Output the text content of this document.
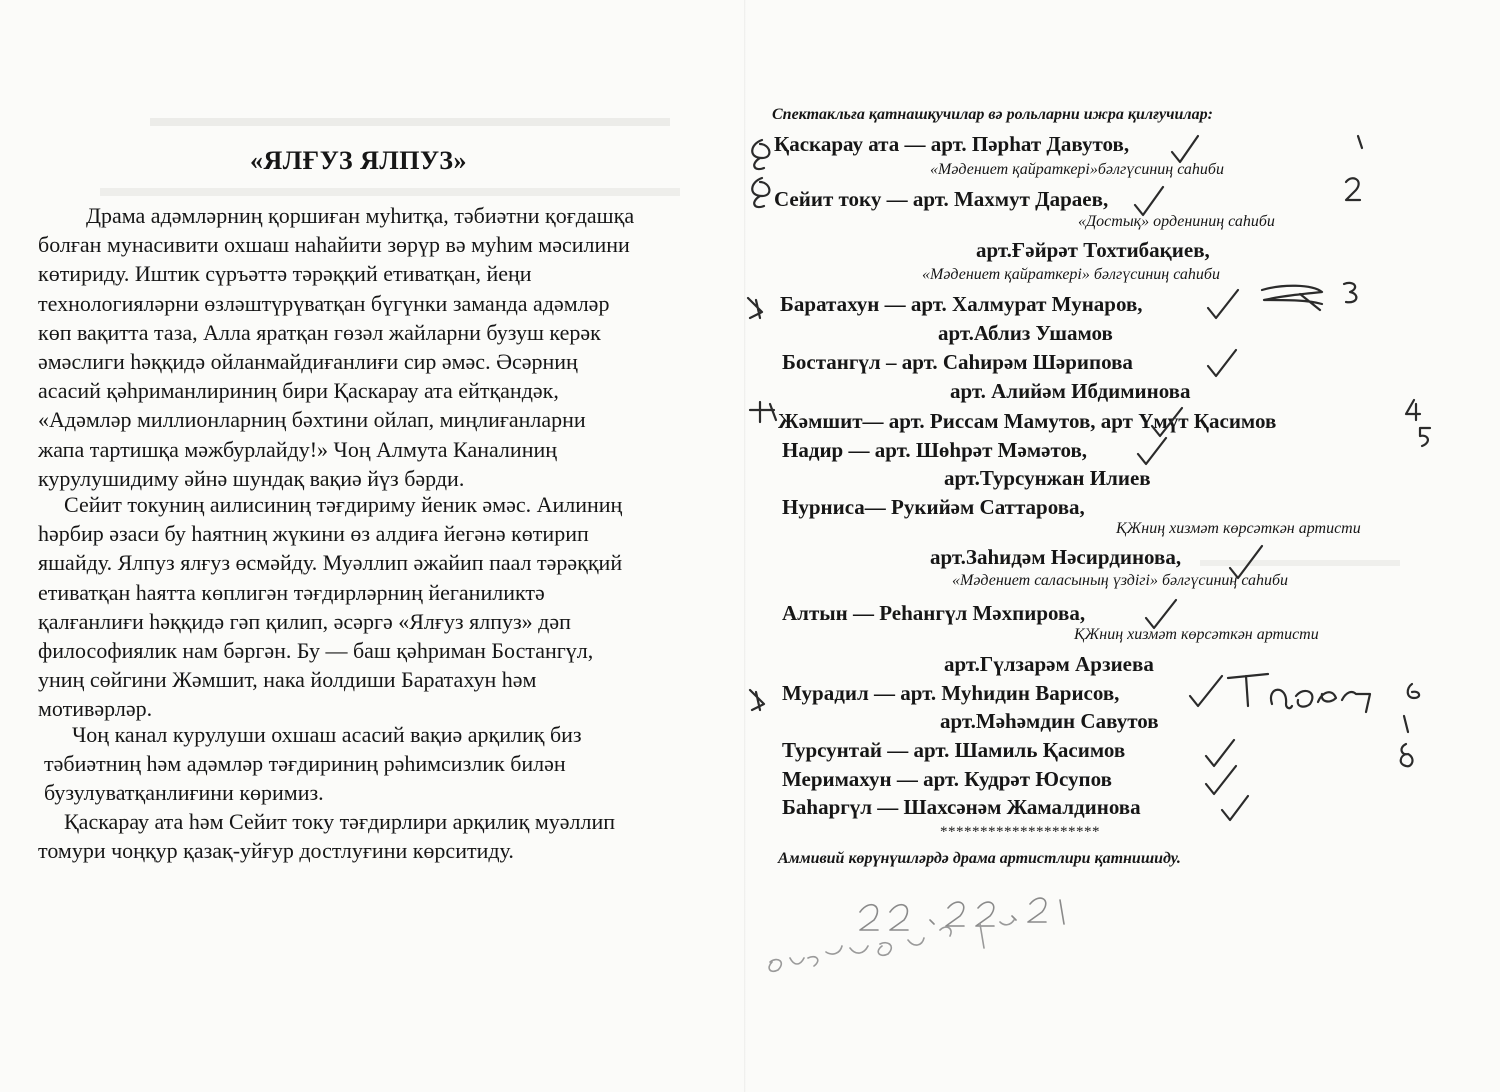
«ЯЛҒУЗ ЯЛПУЗ»
Драма адәмләрниң қоршиған муһитқа, тәбиәтни қоғдашқа
болған мунасивити охшаш наһайити зөрүр вә муһим мәсилини
көтириду. Иштик сүръәттә тәрәққий етиватқан, йеңи
технологияләрни өзләштүрүватқан бүгүнки заманда адәмләр
көп вақитта таза, Алла яратқан гөзәл жайларни бузуш керәк
әмәслиги һәққидә ойланмайдиғанлиғи сир әмәс. Әсәрниң
асасий қәһриманлириниң бири Қаскарау ата ейтқандәк,
«Адәмләр миллионларниң бәхтини ойлап, миңлиғанларни
жапа тартишқа мәжбурлайду!» Чоң Алмута Каналиниң
курулушидиму әйнә шундақ вақиә йүз бәрди.
Сейит токуниң аилисиниң тәғдириму йеник әмәс. Аилиниң
һәрбир әзаси бу һаятниң жүкини өз алдиға йегәнә көтирип
яшайду. Ялпуз ялғуз өсмәйду. Муәллип әжайип паал тәрәққий
етиватқан һаятта көплигән тәғдирләрниң йеганиликтә
қалғанлиғи һәққидә гәп қилип, әсәргә «Ялғуз ялпуз» дәп
философиялик нам бәргән. Бу — баш қәһриман Бостангүл,
униң сөйгини Жәмшит, нака йолдиши Баратахун һәм
мотивәрләр.
Чоң канал курулуши охшаш асасий вақиә арқилиқ биз
тәбиәтниң һәм адәмләр тәғдириниң рәһимсизлик билән
бузулуватқанлиғини көримиз.
Қаскарау ата һәм Сейит току тәғдирлири арқилиқ муәллип
томури чоңқур қазақ-уйғур достлуғини көрситиду.
Спектакльға қатнашқучилар вә рольларни ижра қилғучилар:
Қаскарау ата — арт. Пәрһат Давутов,
«Мәдениет қайраткері»бәлгүсиниң саһиби
Сейит току — арт. Махмут Дараев,
«Достық» ордениниң саһиби
арт.Ғәйрәт Тохтибақиев,
«Мәдениет қайраткері» бәлгүсиниң саһиби
Баратахун — арт. Халмурат Мунаров,
арт.Аблиз Ушамов
Бостангүл – арт. Саһирәм Шәрипова
арт. Алийәм Ибдиминова
Жәмшит— арт. Риссам Мамутов, арт Үмүт Қасимов
Надир — арт. Шөһрәт Мәмәтов,
арт.Турсунжан Илиев
Нурниса— Рукийәм Саттарова,
ҚЖниң хизмәт көрсәткән артисти
арт.Заһидәм Нәсирдинова,
«Мәдениет саласының үздігі» бәлгүсиниң саһиби
Алтын — Реһангүл Мәхпирова,
ҚЖниң хизмәт көрсәткән артисти
арт.Гүлзарәм Арзиева
Мурадил — арт. Муһидин Варисов,
арт.Мәһәмдин Савутов
Турсунтай — арт. Шамиль Қасимов
Меримахун — арт. Кудрәт Юсупов
Баһаргүл — Шахсәнәм Жамалдинова
********************
Аммивий көрүнүшләрдә драма артистлири қатнишиду.
